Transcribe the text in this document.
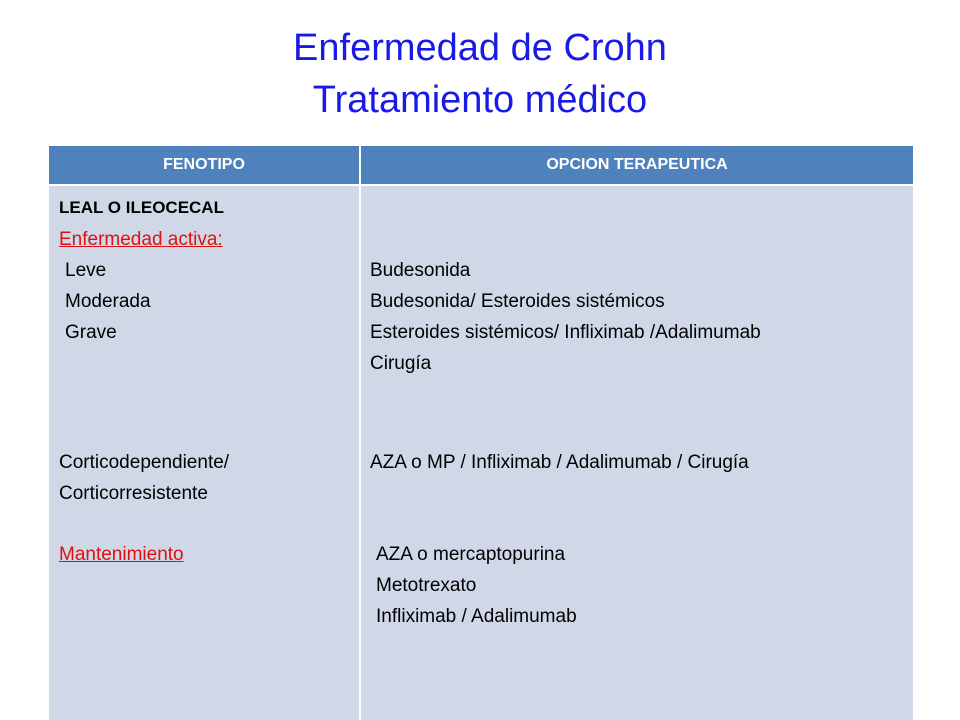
Enfermedad de Crohn
Tratamiento médico
FENOTIPO	OPCION TERAPEUTICA
LEAL O ILEOCECAL
Enfermedad activa:
Leve
Moderada
Grave
Corticodependiente/
Corticorresistente
Mantenimiento
Budesonida
Budesonida/ Esteroides sistémicos
Esteroides sistémicos/ Infliximab /Adalimumab
Cirugía
AZA o MP / Infliximab / Adalimumab / Cirugía
AZA o mercaptopurina
Metotrexato
Infliximab / Adalimumab
